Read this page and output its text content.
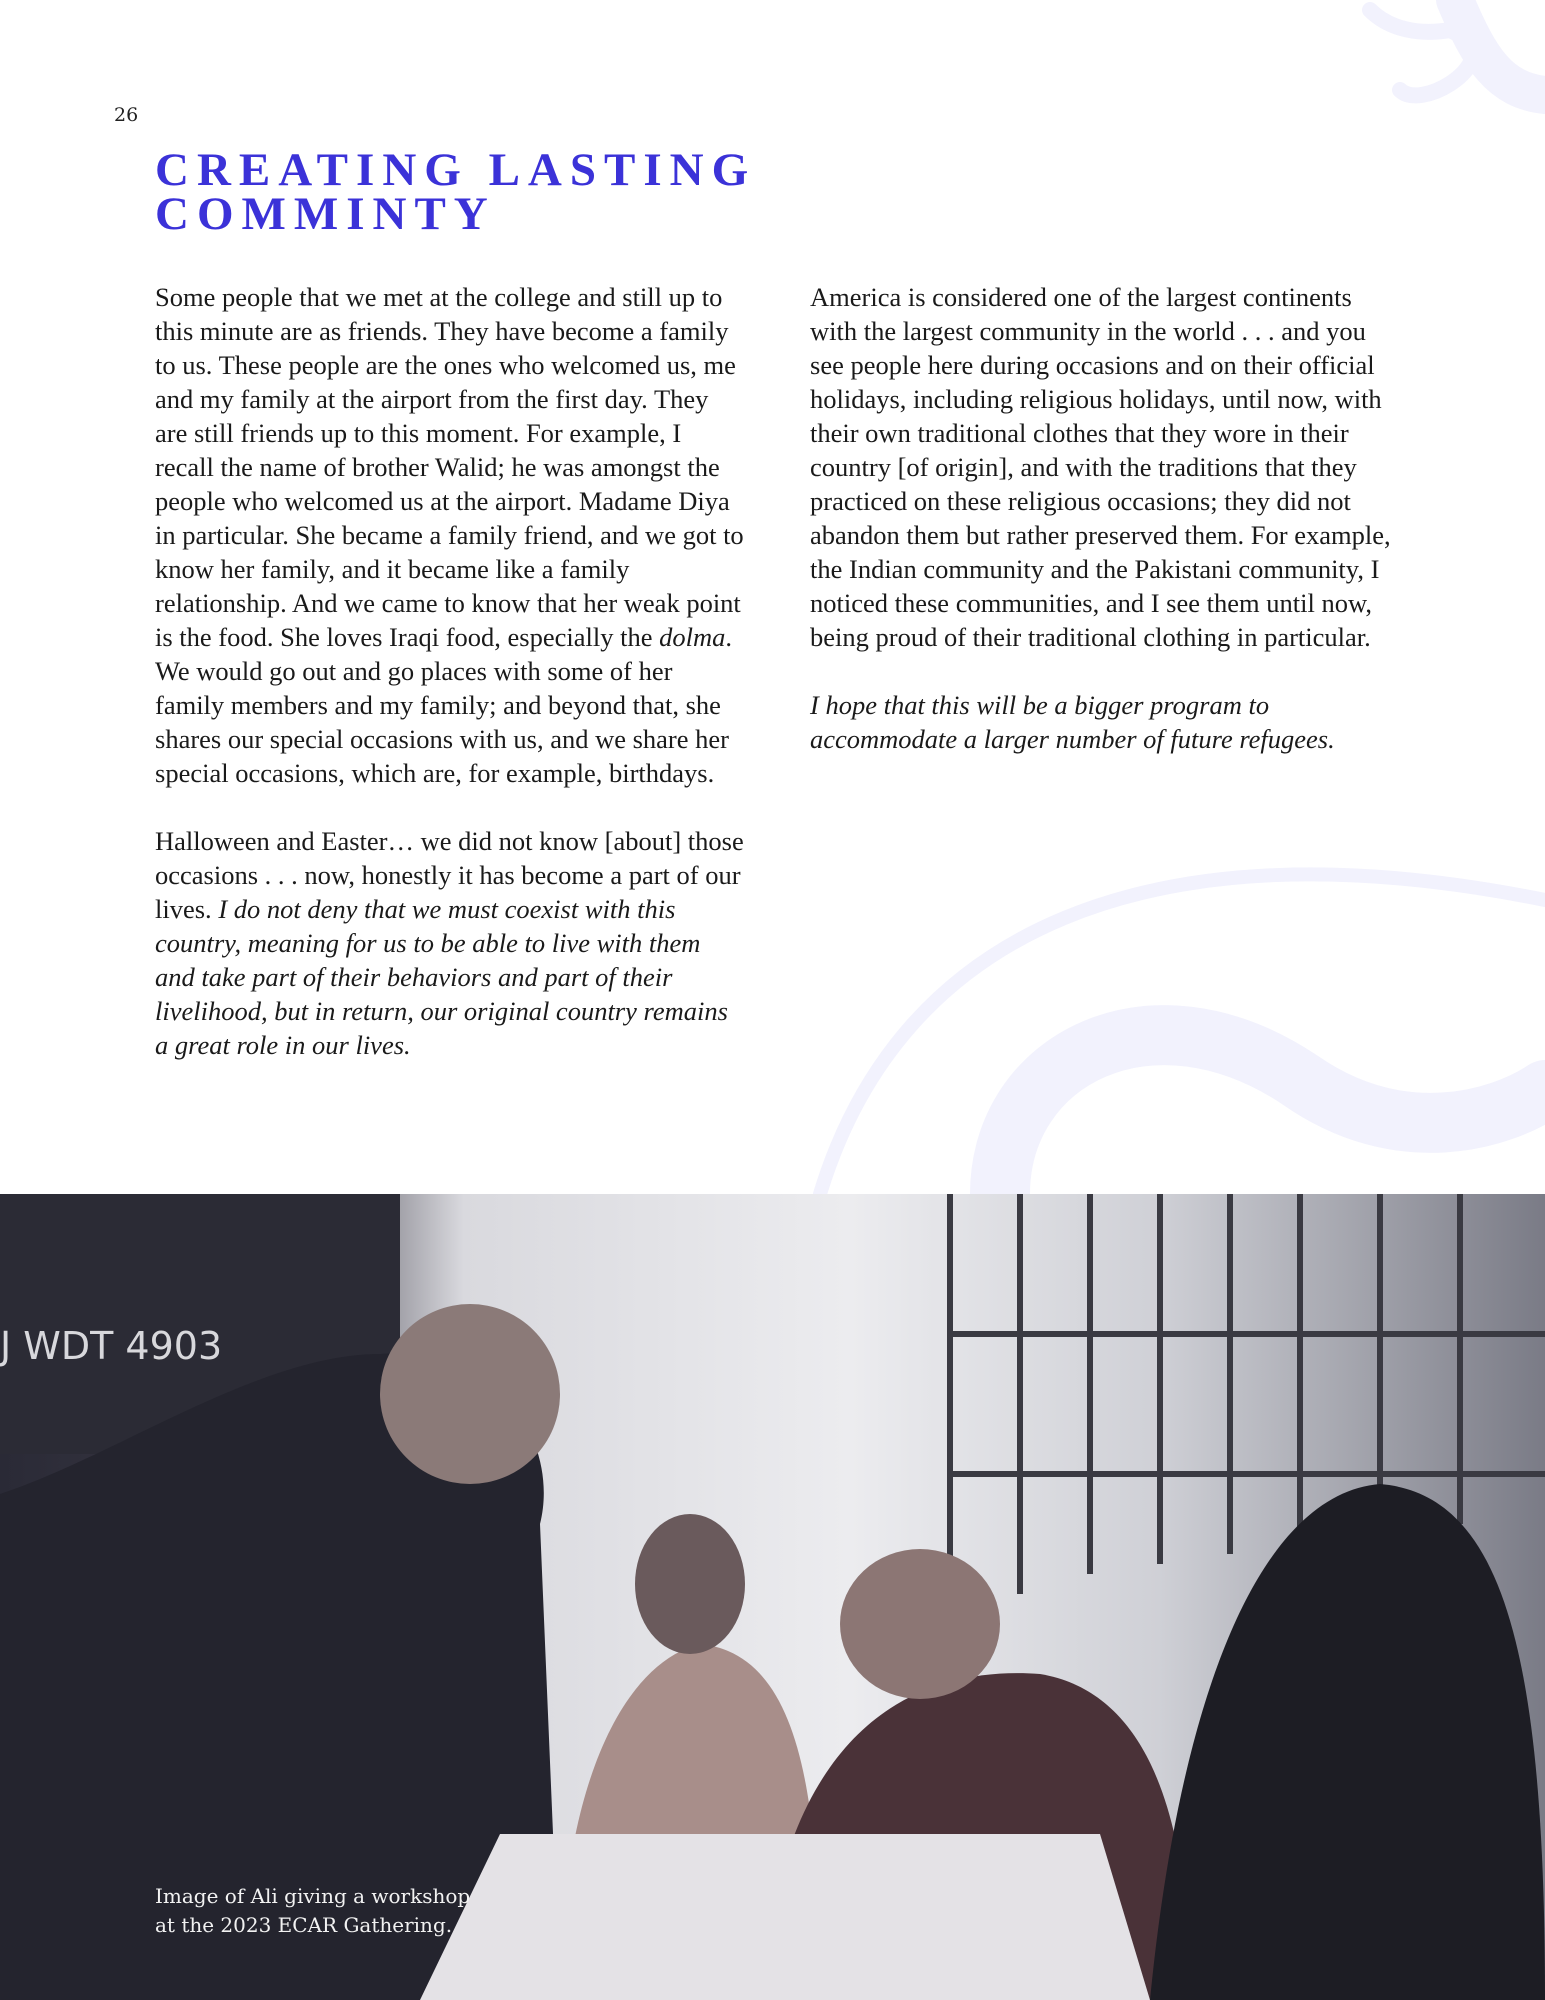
26
CREATING LASTING
COMMINTY

Some people that we met at the college and still up to this minute are as friends. They have become a family to us. These people are the ones who welcomed us, me and my family at the airport from the first day. They are still friends up to this moment. For example, I recall the name of brother Walid; he was amongst the people who welcomed us at the airport. Madame Diya in particular. She became a family friend, and we got to know her family, and it became like a family relationship. And we came to know that her weak point is the food. She loves Iraqi food, especially the dolma. We would go out and go places with some of her family members and my family; and beyond that, she shares our special occasions with us, and we share her special occasions, which are, for example, birthdays.

Halloween and Easter… we did not know [about] those occasions . . . now, honestly it has become a part of our lives. I do not deny that we must coexist with this country, meaning for us to be able to live with them and take part of their behaviors and part of their livelihood, but in return, our original country remains a great role in our lives.

America is considered one of the largest continents with the largest community in the world . . . and you see people here during occasions and on their official holidays, including religious holidays, until now, with their own traditional clothes that they wore in their country [of origin], and with the traditions that they practiced on these religious occasions; they did not abandon them but rather preserved them. For example, the Indian community and the Pakistani community, I noticed these communities, and I see them until now, being proud of their traditional clothing in particular.

I hope that this will be a bigger program to accommodate a larger number of future refugees.

J WDT 4903
Image of Ali giving a workshop
at the 2023 ECAR Gathering.
